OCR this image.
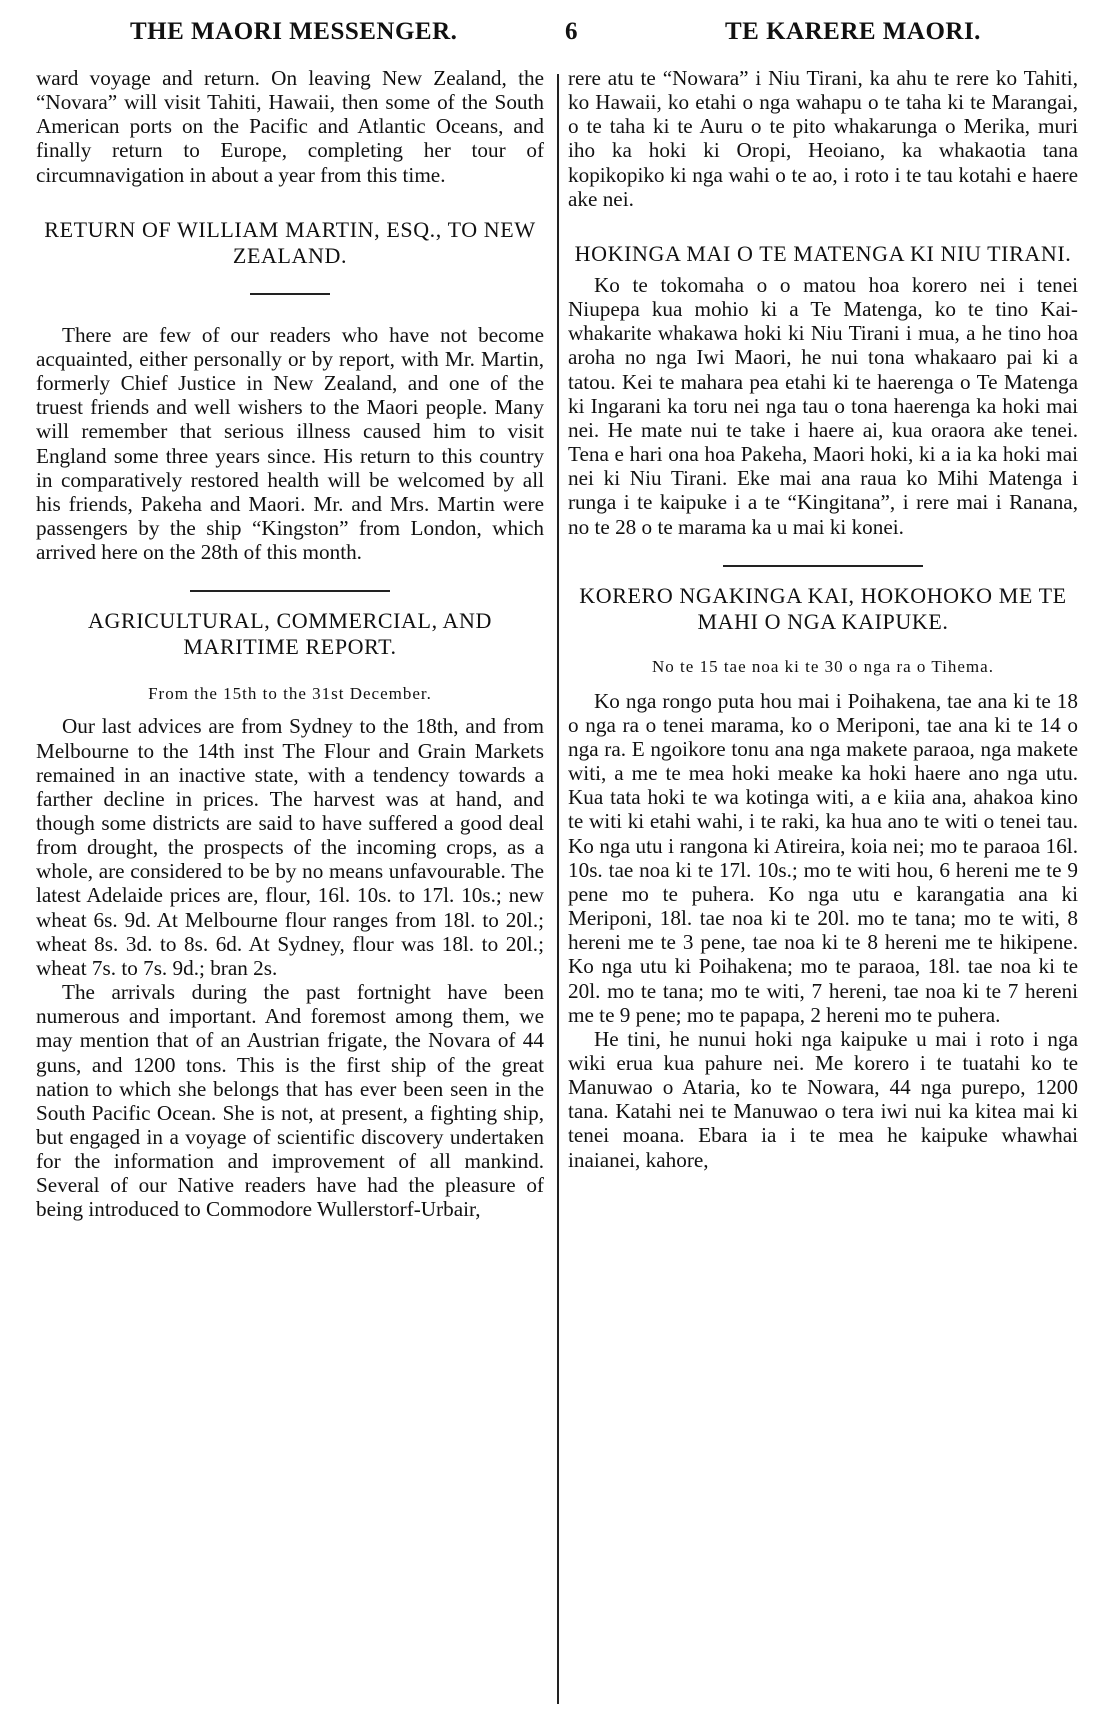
THE MAORI MESSENGER.	6	TE KARERE MAORI.

ward voyage and return. On leaving New Zealand, the “Novara” will visit Tahiti, Hawaii, then some of the South American ports on the Pacific and Atlantic Oceans, and finally return to Europe, completing her tour of circumnavigation in about a year from this time.

RETURN OF WILLIAM MARTIN, ESQ., TO NEW ZEALAND.

There are few of our readers who have not become acquainted, either personally or by report, with Mr. Martin, formerly Chief Justice in New Zealand, and one of the truest friends and well wishers to the Maori people. Many will remember that serious illness caused him to visit England some three years since. His return to this country in comparatively restored health will be welcomed by all his friends, Pakeha and Maori. Mr. and Mrs. Martin were passengers by the ship “Kingston” from London, which arrived here on the 28th of this month.

AGRICULTURAL, COMMERCIAL, AND MARITIME REPORT.

From the 15th to the 31st December.

Our last advices are from Sydney to the 18th, and from Melbourne to the 14th inst The Flour and Grain Markets remained in an inactive state, with a tendency towards a farther decline in prices. The harvest was at hand, and though some districts are said to have suffered a good deal from drought, the prospects of the incoming crops, as a whole, are considered to be by no means unfavourable. The latest Adelaide prices are, flour, 16l. 10s. to 17l. 10s.; new wheat 6s. 9d. At Melbourne flour ranges from 18l. to 20l.; wheat 8s. 3d. to 8s. 6d. At Sydney, flour was 18l. to 20l.; wheat 7s. to 7s. 9d.; bran 2s.

The arrivals during the past fortnight have been numerous and important. And foremost among them, we may mention that of an Austrian frigate, the Novara of 44 guns, and 1200 tons. This is the first ship of the great nation to which she belongs that has ever been seen in the South Pacific Ocean. She is not, at present, a fighting ship, but engaged in a voyage of scientific discovery undertaken for the information and improvement of all mankind. Several of our Native readers have had the pleasure of being introduced to Commodore Wullerstorf-Urbair,

rere atu te “Nowara” i Niu Tirani, ka ahu te rere ko Tahiti, ko Hawaii, ko etahi o nga wahapu o te taha ki te Marangai, o te taha ki te Auru o te pito whakarunga o Merika, muri iho ka hoki ki Oropi, Heoiano, ka whakaotia tana kopikopiko ki nga wahi o te ao, i roto i te tau kotahi e haere ake nei.

HOKINGA MAI O TE MATENGA KI NIU TIRANI.

Ko te tokomaha o o matou hoa korero nei i tenei Niupepa kua mohio ki a Te Matenga, ko te tino Kai-whakarite whakawa hoki ki Niu Tirani i mua, a he tino hoa aroha no nga Iwi Maori, he nui tona whakaaro pai ki a tatou. Kei te mahara pea etahi ki te haerenga o Te Matenga ki Ingarani ka toru nei nga tau o tona haerenga ka hoki mai nei. He mate nui te take i haere ai, kua oraora ake tenei. Tena e hari ona hoa Pakeha, Maori hoki, ki a ia ka hoki mai nei ki Niu Tirani. Eke mai ana raua ko Mihi Matenga i runga i te kaipuke i a te “Kingitana”, i rere mai i Ranana, no te 28 o te marama ka u mai ki konei.

KORERO NGAKINGA KAI, HOKOHOKO ME TE MAHI O NGA KAIPUKE.

No te 15 tae noa ki te 30 o nga ra o Tihema.

Ko nga rongo puta hou mai i Poihakena, tae ana ki te 18 o nga ra o tenei marama, ko o Meriponi, tae ana ki te 14 o nga ra. E ngoikore tonu ana nga makete paraoa, nga makete witi, a me te mea hoki meake ka hoki haere ano nga utu. Kua tata hoki te wa kotinga witi, a e kiia ana, ahakoa kino te witi ki etahi wahi, i te raki, ka hua ano te witi o tenei tau. Ko nga utu i rangona ki Atireira, koia nei; mo te paraoa 16l. 10s. tae noa ki te 17l. 10s.; mo te witi hou, 6 hereni me te 9 pene mo te puhera. Ko nga utu e karangatia ana ki Meriponi, 18l. tae noa ki te 20l. mo te tana; mo te witi, 8 hereni me te 3 pene, tae noa ki te 8 hereni me te hikipene. Ko nga utu ki Poihakena; mo te paraoa, 18l. tae noa ki te 20l. mo te tana; mo te witi, 7 hereni, tae noa ki te 7 hereni me te 9 pene; mo te papapa, 2 hereni mo te puhera.

He tini, he nunui hoki nga kaipuke u mai i roto i nga wiki erua kua pahure nei. Me korero i te tuatahi ko te Manuwao o Ataria, ko te Nowara, 44 nga purepo, 1200 tana. Katahi nei te Manuwao o tera iwi nui ka kitea mai ki tenei moana. Ebara ia i te mea he kaipuke whawhai inaianei, kahore,
